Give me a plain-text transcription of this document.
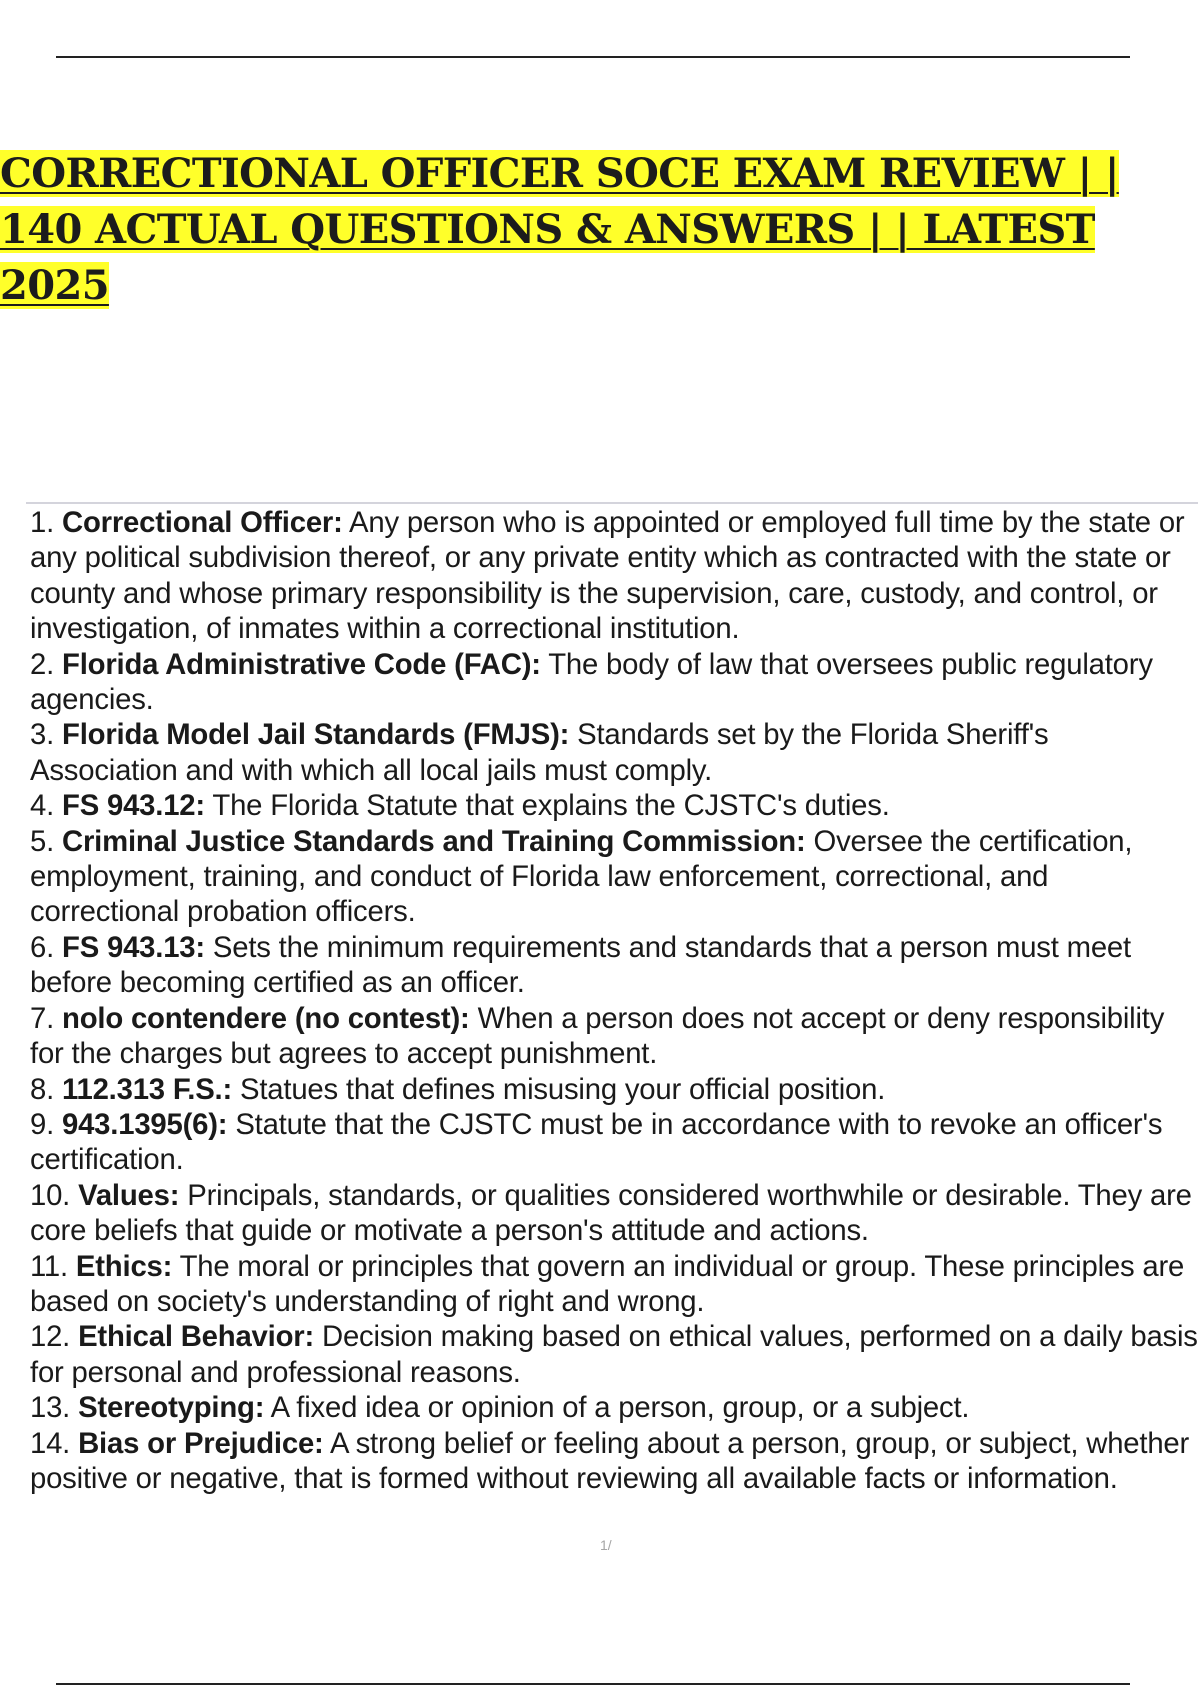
CORRECTIONAL OFFICER SOCE EXAM REVIEW | | 140 ACTUAL QUESTIONS & ANSWERS | | LATEST 2025
1. Correctional Officer: Any person who is appointed or employed full time by the state or any political subdivision thereof, or any private entity which as contracted with the state or county and whose primary responsibility is the supervision, care, custody, and control, or investigation, of inmates within a correctional institution.
2. Florida Administrative Code (FAC): The body of law that oversees public regulatory agencies.
3. Florida Model Jail Standards (FMJS): Standards set by the Florida Sheriff's Association and with which all local jails must comply.
4. FS 943.12: The Florida Statute that explains the CJSTC's duties.
5. Criminal Justice Standards and Training Commission: Oversee the certification, employment, training, and conduct of Florida law enforcement, correctional, and correctional probation officers.
6. FS 943.13: Sets the minimum requirements and standards that a person must meet before becoming certified as an officer.
7. nolo contendere (no contest): When a person does not accept or deny responsibility for the charges but agrees to accept punishment.
8. 112.313 F.S.: Statues that defines misusing your official position.
9. 943.1395(6): Statute that the CJSTC must be in accordance with to revoke an officer's certification.
10. Values: Principals, standards, or qualities considered worthwhile or desirable. They are core beliefs that guide or motivate a person's attitude and actions.
11. Ethics: The moral or principles that govern an individual or group. These principles are based on society's understanding of right and wrong.
12. Ethical Behavior: Decision making based on ethical values, performed on a daily basis for personal and professional reasons.
13. Stereotyping: A fixed idea or opinion of a person, group, or a subject.
14. Bias or Prejudice: A strong belief or feeling about a person, group, or subject, whether positive or negative, that is formed without reviewing all available facts or information.
1/
